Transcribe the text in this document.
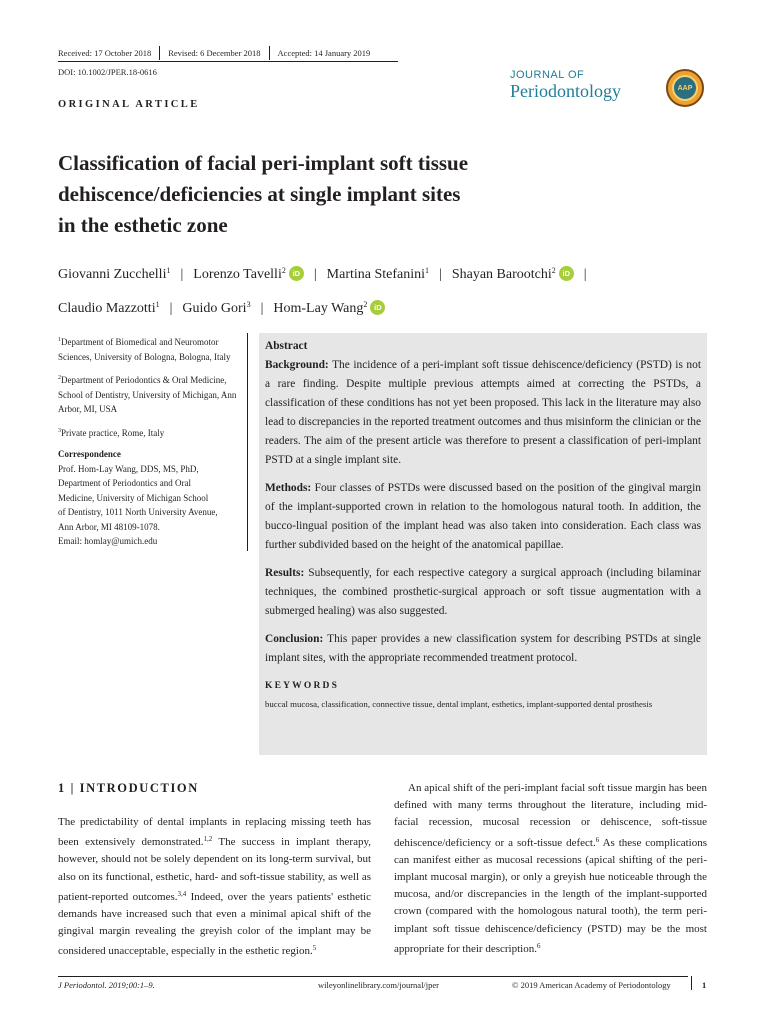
Received: 17 October 2018 Revised: 6 December 2018 Accepted: 14 January 2019
DOI: 10.1002/JPER.18-0616
ORIGINAL ARTICLE
JOURNAL OF
Periodontology	AAP
Classification of facial peri-implant soft tissue
dehiscence/deficiencies at single implant sites
in the esthetic zone
Giovanni Zucchelli$^1$ | Lorenzo Tavelli$^2$ iD | Martina Stefanini$^1$ | Shayan Barootchi$^2$ iD |
Claudio Mazzotti$^1$ | Guido Gori$^3$ | Hom-Lay Wang$^2$ iD

$^1$Department of Biomedical and Neuromotor Sciences, University of Bologna, Bologna, Italy

$^2$Department of Periodontics & Oral Medicine, School of Dentistry, University of Michigan, Ann Arbor, MI, USA

$^3$Private practice, Rome, Italy

Correspondence
Prof. Hom-Lay Wang, DDS, MS, PhD,
Department of Periodontics and Oral
Medicine, University of Michigan School
of Dentistry, 1011 North University Avenue,
Ann Arbor, MI 48109-1078.
Email: homlay@umich.edu
Abstract

Background: The incidence of a peri-implant soft tissue dehiscence/deficiency (PSTD) is not a rare finding. Despite multiple previous attempts aimed at correcting the PSTDs, a classification of these conditions has not yet been proposed. This lack in the literature may also lead to discrepancies in the reported treatment outcomes and thus misinform the clinician or the readers. The aim of the present article was therefore to present a classification of peri-implant PSTD at a single implant site.

Methods: Four classes of PSTDs were discussed based on the position of the gingival margin of the implant-supported crown in relation to the homologous natural tooth. In addition, the bucco-lingual position of the implant head was also taken into consideration. Each class was further subdivided based on the height of the anatomical papillae.

Results: Subsequently, for each respective category a surgical approach (including bilaminar techniques, the combined prosthetic-surgical approach or soft tissue augmentation with a submerged healing) was also suggested.

Conclusion: This paper provides a new classification system for describing PSTDs at single implant sites, with the appropriate recommended treatment protocol.

KEYWORDS
buccal mucosa, classification, connective tissue, dental implant, esthetics, implant-supported dental prosthesis
1 | INTRODUCTION
The predictability of dental implants in replacing missing teeth has been extensively demonstrated.$^{1,2}$ The success in implant therapy, however, should not be solely dependent on its long-term survival, but also on its functional, esthetic, hard- and soft-tissue stability, as well as patient-reported outcomes.$^{3,4}$ Indeed, over the years patients' esthetic demands have increased such that even a minimal apical shift of the gingival margin revealing the greyish color of the implant may be considered unacceptable, especially in the esthetic region.$^5$
An apical shift of the peri-implant facial soft tissue margin has been defined with many terms throughout the literature, including mid-facial recession, mucosal recession or dehiscence, soft-tissue dehiscence/deficiency or a soft-tissue defect.$^6$ As these complications can manifest either as mucosal recessions (apical shifting of the peri-implant mucosal margin), or only a greyish hue noticeable through the mucosa, and/or discrepancies in the length of the implant-supported crown (compared with the homologous natural tooth), the term peri-implant soft tissue dehiscence/deficiency (PSTD) may be the most appropriate for their description.$^6$
J Periodontol. 2019;00:1–9.	wileyonlinelibrary.com/journal/jper	© 2019 American Academy of Periodontology	1
